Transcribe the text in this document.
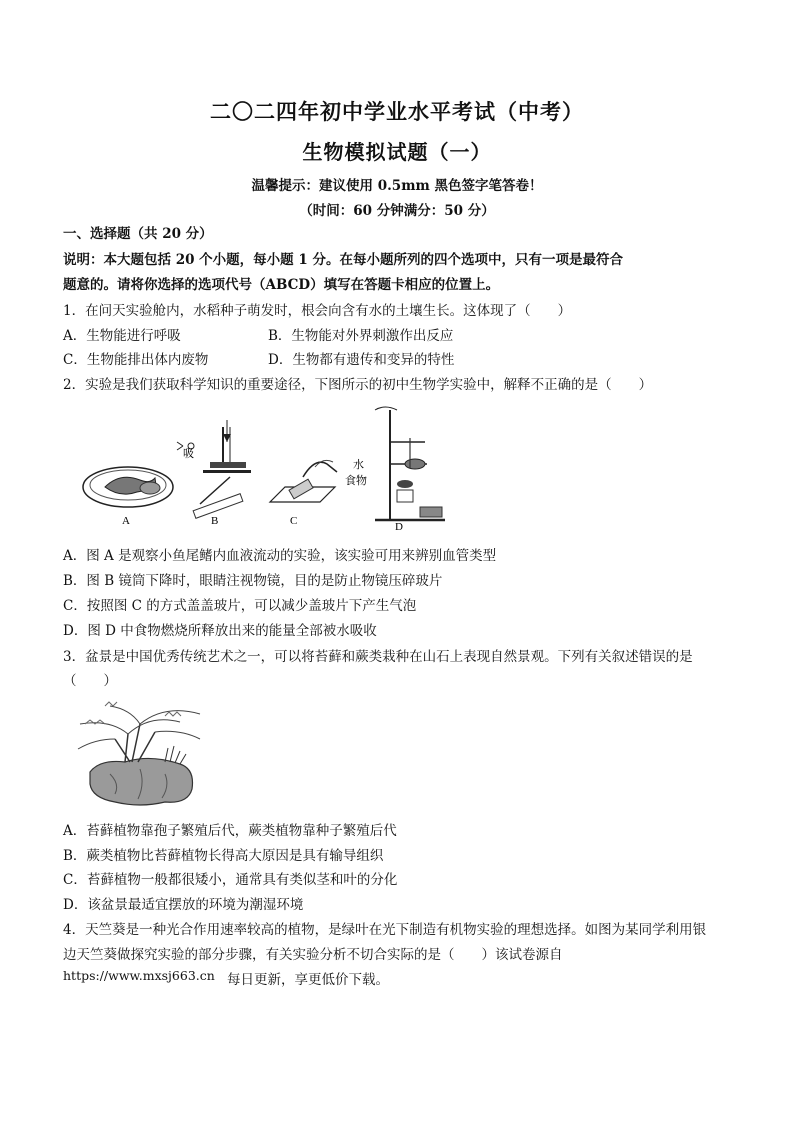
二〇二四年初中学业水平考试（中考）
生物模拟试题（一）
温馨提示：建议使用 0.5mm 黑色签字笔答卷！
（时间：60 分钟满分：50 分）
一、选择题（共 20 分）
说明：本大题包括 20 个小题，每小题 1 分。在每小题所列的四个选项中，只有一项是最符合
题意的。请将你选择的选项代号（ABCD）填写在答题卡相应的位置上。
1．在问天实验舱内，水稻种子萌发时，根会向含有水的土壤生长。这体现了（　　）
A．生物能进行呼吸	B．生物能对外界刺激作出反应
C．生物能排出体内废物	D．生物都有遗传和变异的特性
2．实验是我们获取科学知识的重要途径，下图所示的初中生物学实验中，解释不正确的是（　　）
吸
水
食物
A	B	C	D
A．图 A 是观察小鱼尾鳍内血液流动的实验，该实验可用来辨别血管类型
B．图 B 镜筒下降时，眼睛注视物镜，目的是防止物镜压碎玻片
C．按照图 C 的方式盖盖玻片，可以减少盖玻片下产生气泡
D．图 D 中食物燃烧所释放出来的能量全部被水吸收
3．盆景是中国优秀传统艺术之一，可以将苔藓和蕨类栽种在山石上表现自然景观。下列有关叙述错误的是
（　　）
A．苔藓植物靠孢子繁殖后代，蕨类植物靠种子繁殖后代
B．蕨类植物比苔藓植物长得高大原因是具有输导组织
C．苔藓植物一般都很矮小，通常具有类似茎和叶的分化
D．该盆景最适宜摆放的环境为潮湿环境
4．天竺葵是一种光合作用速率较高的植物，是绿叶在光下制造有机物实验的理想选择。如图为某同学利用银
边天竺葵做探究实验的部分步骤，有关实验分析不切合实际的是（　　）该试卷源自
https://www.mxsj663.cn 每日更新，享更低价下载。
